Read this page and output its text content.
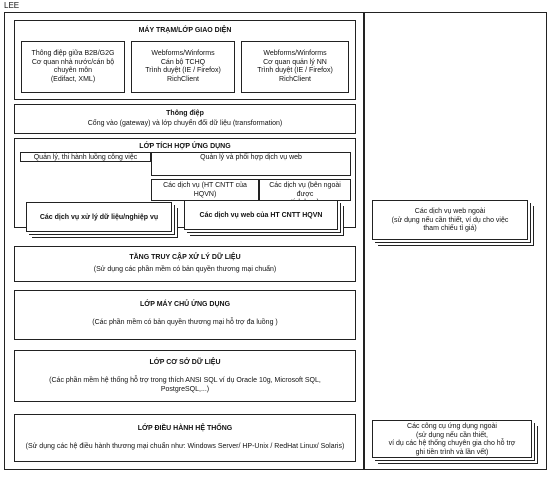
LEE
MÁY TRẠM/LỚP GIAO DIỆN
Thông điệp giữa B2B/G2G
Cơ quan nhà nước/cán bộ
chuyên môn
(Edifact, XML)
Webforms/Winforms
Cán bộ TCHQ
Trình duyệt (IE / Firefox)
RichClient
Webforms/Winforms
Cơ quan quản lý NN
Trình duyệt (IE / Firefox)
RichClient
Thông điệp
Cổng vào (gateway) và lớp chuyển đổi dữ liệu (transformation)
LỚP TÍCH HỢP ỨNG DỤNG
Quản lý, thi hành luồng công việc	Quản lý và phối hợp dịch vụ web
Các dịch vụ (HT CNTT của
HQVN)
Các dịch vụ (bên ngoài được

Các dịch vụ xử lý dữ liệu/nghiệp vụ	Các dịch vụ web của HT CNTT HQVN
TẦNG TRUY CẬP XỬ LÝ DỮ LIỆU
(Sử dụng các phần mềm có bản quyền thương mại chuẩn)
LỚP MÁY CHỦ ỨNG DỤNG
(Các phần mềm có bản quyền thương mại hỗ trợ đa luồng )
LỚP CƠ SỞ DỮ LIỆU
(Các phần mềm hệ thống hỗ trợ trong thích ANSI SQL ví dụ Oracle 10g, Microsoft SQL,
PostgreSQL,...)
LỚP ĐIỀU HÀNH HỆ THỐNG
(Sử dụng các hệ điều hành thương mại chuẩn như: Windows Server/ HP-Unix / RedHat Linux/ Solaris)
Các dịch vụ web ngoài
(sử dụng nếu cần thiết, ví dụ cho việc
tham chiếu tỉ giá)
Các công cụ ứng dụng ngoài
(sử dụng nếu cần thiết,
ví dụ các hệ thống chuyên gia cho hỗ trợ
ghi tiền trình và lần vết)
